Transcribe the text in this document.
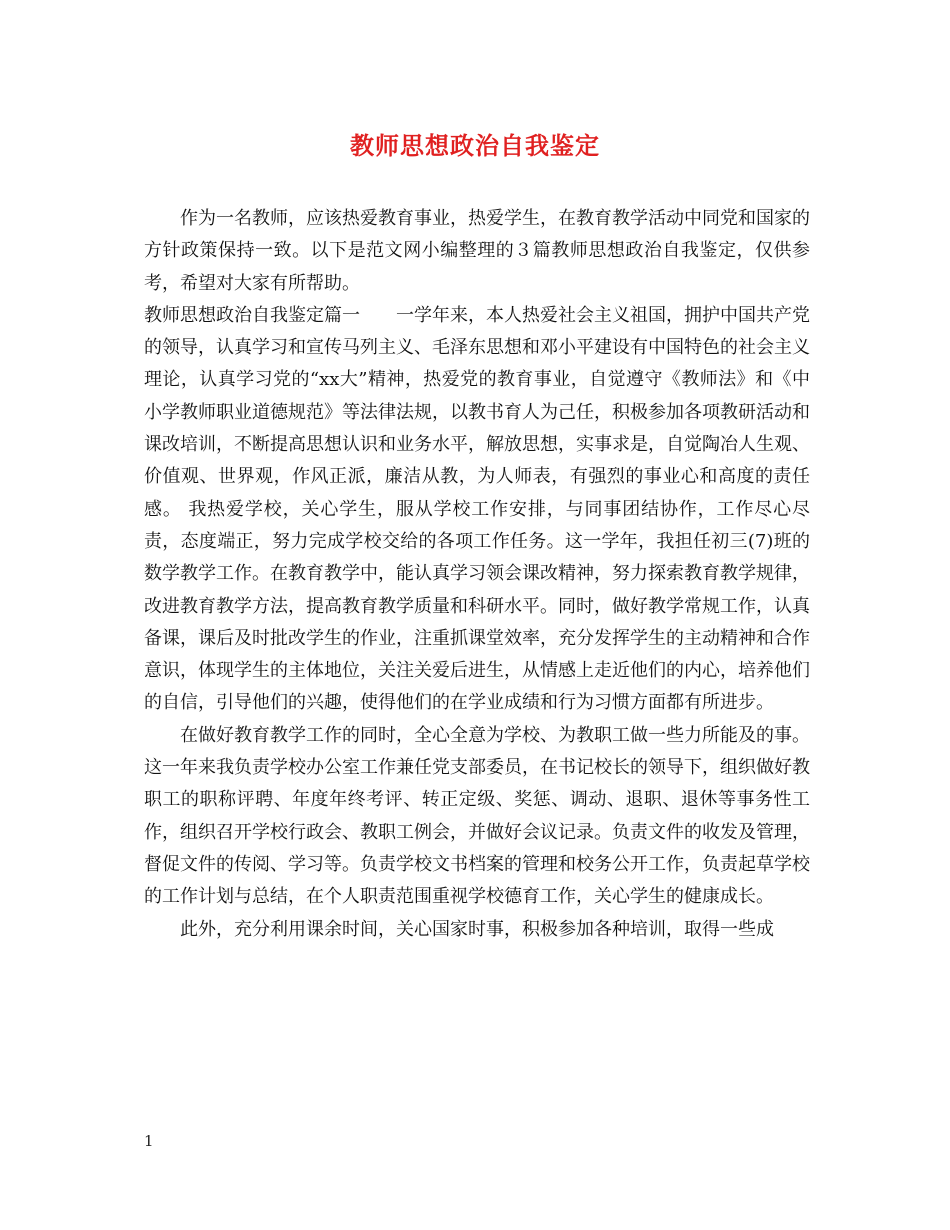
教师思想政治自我鉴定

作为一名教师，应该热爱教育事业，热爱学生，在教育教学活动中同党和国家的方针政策保持一致。以下是范文网小编整理的３篇教师思想政治自我鉴定，仅供参考，希望对大家有所帮助。

教师思想政治自我鉴定篇一　　一学年来，本人热爱社会主义祖国，拥护中国共产党的领导，认真学习和宣传马列主义、毛泽东思想和邓小平建设有中国特色的社会主义理论，认真学习党的“xx大”精神，热爱党的教育事业，自觉遵守《教师法》和《中小学教师职业道德规范》等法律法规，以教书育人为己任，积极参加各项教研活动和课改培训，不断提高思想认识和业务水平，解放思想，实事求是，自觉陶冶人生观、价值观、世界观，作风正派，廉洁从教，为人师表，有强烈的事业心和高度的责任感。 我热爱学校，关心学生，服从学校工作安排，与同事团结协作，工作尽心尽责，态度端正，努力完成学校交给的各项工作任务。这一学年，我担任初三(7)班的数学教学工作。在教育教学中，能认真学习领会课改精神，努力探索教育教学规律，改进教育教学方法，提高教育教学质量和科研水平。同时，做好教学常规工作，认真备课，课后及时批改学生的作业，注重抓课堂效率，充分发挥学生的主动精神和合作意识，体现学生的主体地位，关注关爱后进生，从情感上走近他们的内心，培养他们的自信，引导他们的兴趣，使得他们的在学业成绩和行为习惯方面都有所进步。

在做好教育教学工作的同时，全心全意为学校、为教职工做一些力所能及的事。这一年来我负责学校办公室工作兼任党支部委员，在书记校长的领导下，组织做好教职工的职称评聘、年度年终考评、转正定级、奖惩、调动、退职、退休等事务性工作，组织召开学校行政会、教职工例会，并做好会议记录。负责文件的收发及管理，督促文件的传阅、学习等。负责学校文书档案的管理和校务公开工作，负责起草学校的工作计划与总结，在个人职责范围重视学校德育工作，关心学生的健康成长。

此外，充分利用课余时间，关心国家时事，积极参加各种培训，取得一些成

1
